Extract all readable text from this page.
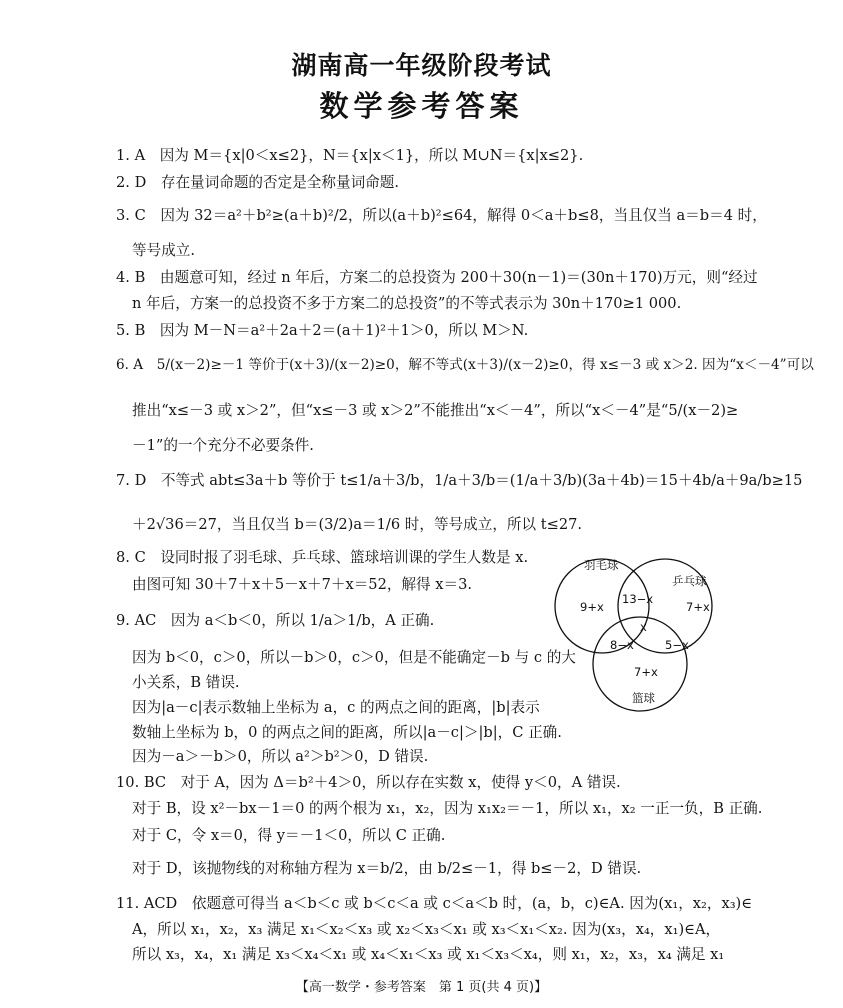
湖南高一年级阶段考试
数学参考答案
1. A　因为 M＝{x|0＜x≤2}，N＝{x|x＜1}，所以 M∪N＝{x|x≤2}.
2. D　存在量词命题的否定是全称量词命题.
3. C　因为 32＝a²＋b²≥(a＋b)²/2，所以(a＋b)²≤64，解得 0＜a＋b≤8，当且仅当 a＝b＝4 时，
等号成立.
4. B　由题意可知，经过 n 年后，方案二的总投资为 200＋30(n－1)＝(30n＋170)万元，则“经过
n 年后，方案一的总投资不多于方案二的总投资”的不等式表示为 30n＋170≥1 000.
5. B　因为 M－N＝a²＋2a＋2＝(a＋1)²＋1＞0，所以 M＞N.
6. A　5/(x－2)≥－1 等价于(x＋3)/(x－2)≥0，解不等式(x＋3)/(x－2)≥0，得 x≤－3 或 x＞2. 因为“x＜－4”可以
推出“x≤－3 或 x＞2”，但“x≤－3 或 x＞2”不能推出“x＜－4”，所以“x＜－4”是“5/(x－2)≥
－1”的一个充分不必要条件.
7. D　不等式 abt≤3a＋b 等价于 t≤1/a＋3/b，1/a＋3/b＝(1/a＋3/b)(3a＋4b)＝15＋4b/a＋9a/b≥15
＋2√36＝27，当且仅当 b＝(3/2)a＝1/6 时，等号成立，所以 t≤27.
8. C　设同时报了羽毛球、乒乓球、篮球培训课的学生人数是 x.
由图可知 30＋7＋x＋5－x＋7＋x＝52，解得 x＝3.
9. AC　因为 a＜b＜0，所以 1/a＞1/b，A 正确.
因为 b＜0，c＞0，所以－b＞0，c＞0，但是不能确定－b 与 c 的大
小关系，B 错误.
因为|a－c|表示数轴上坐标为 a，c 的两点之间的距离，|b|表示
数轴上坐标为 b，0 的两点之间的距离，所以|a－c|＞|b|，C 正确.
因为－a＞－b＞0，所以 a²＞b²＞0，D 错误.
10. BC　对于 A，因为 Δ＝b²＋4＞0，所以存在实数 x，使得 y＜0，A 错误.
对于 B，设 x²－bx－1＝0 的两个根为 x₁，x₂，因为 x₁x₂＝－1，所以 x₁，x₂ 一正一负，B 正确.
对于 C，令 x＝0，得 y＝－1＜0，所以 C 正确.
对于 D，该抛物线的对称轴方程为 x＝b/2，由 b/2≤－1，得 b≤－2，D 错误.
11. ACD　依题意可得当 a＜b＜c 或 b＜c＜a 或 c＜a＜b 时，(a，b，c)∈A. 因为(x₁，x₂，x₃)∈
A，所以 x₁，x₂，x₃ 满足 x₁＜x₂＜x₃ 或 x₂＜x₃＜x₁ 或 x₃＜x₁＜x₂. 因为(x₃，x₄，x₁)∈A，
所以 x₃，x₄，x₁ 满足 x₃＜x₄＜x₁ 或 x₄＜x₁＜x₃ 或 x₁＜x₃＜x₄，则 x₁，x₂，x₃，x₄ 满足 x₁
羽毛球
乒乓球
篮球
9+x
13−x
7+x
x
8−x	5−x
7+x
【高一数学・参考答案　第 1 页(共 4 页)】
